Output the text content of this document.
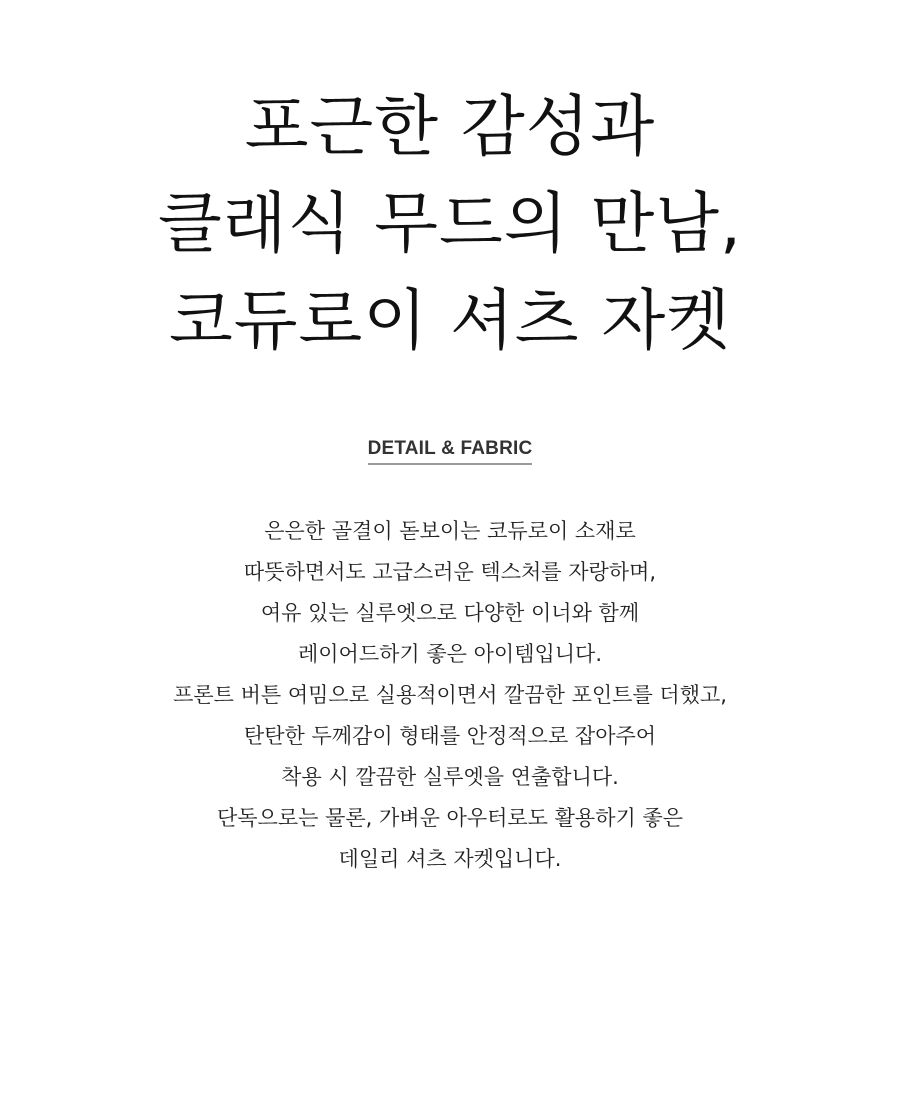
포근한 감성과
클래식 무드의 만남,
코듀로이 셔츠 자켓
DETAIL & FABRIC

은은한 골결이 돋보이는 코듀로이 소재로
따뜻하면서도 고급스러운 텍스처를 자랑하며,
여유 있는 실루엣으로 다양한 이너와 함께
레이어드하기 좋은 아이템입니다.
프론트 버튼 여밈으로 실용적이면서 깔끔한 포인트를 더했고,
탄탄한 두께감이 형태를 안정적으로 잡아주어
착용 시 깔끔한 실루엣을 연출합니다.
단독으로는 물론, 가벼운 아우터로도 활용하기 좋은
데일리 셔츠 자켓입니다.
